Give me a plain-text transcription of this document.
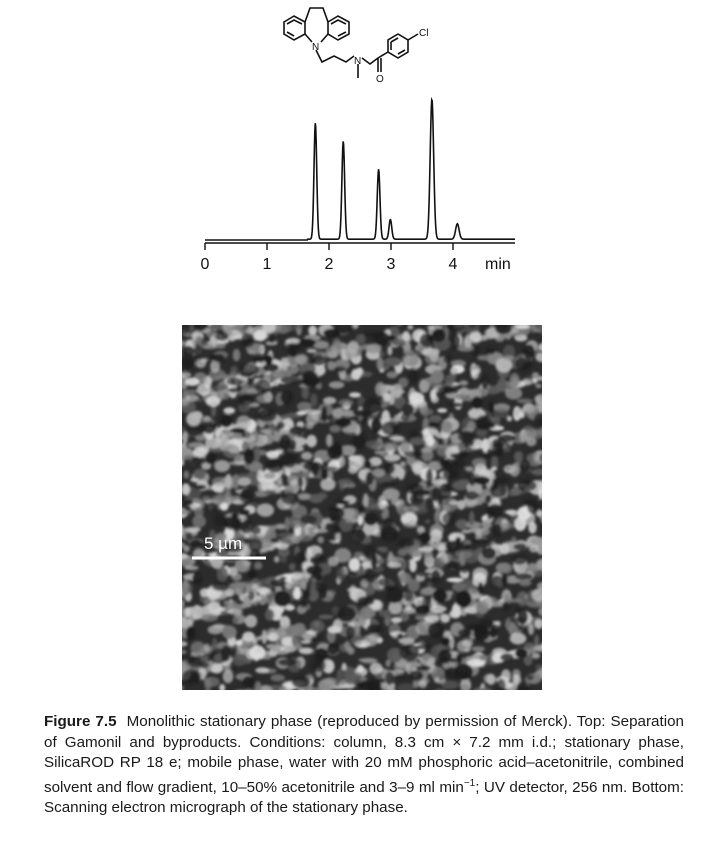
N
N
O
Cl
0	1	2	3	4 min
5 µm
Figure 7.5 Monolithic stationary phase (reproduced by permission of Merck). Top: Separation of Gamonil and byproducts. Conditions: column, 8.3 cm × 7.2 mm i.d.; stationary phase, SilicaROD RP 18 e; mobile phase, water with 20 mM phosphoric acid–acetonitrile, combined solvent and flow gradient, 10–50% acetonitrile and 3–9 ml $\min^{-1}$; UV detector, 256 nm. Bottom: Scanning electron micrograph of the stationary phase.
